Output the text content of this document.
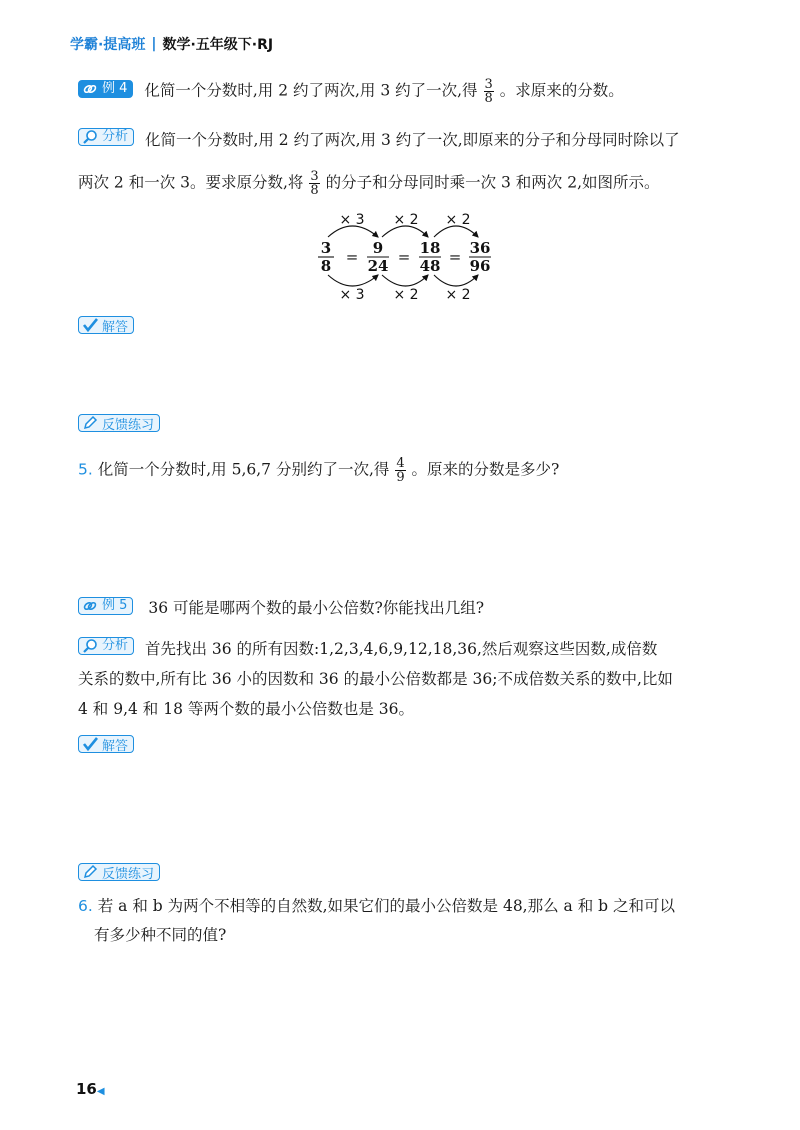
学霸·提高班 | 数学·五年级下·RJ
例 4 化简一个分数时,用 2 约了两次,用 3 约了一次,得 $\frac{3}{8}$ 。求原来的分数。
分析 化简一个分数时,用 2 约了两次,用 3 约了一次,即原来的分子和分母同时除以了
两次 2 和一次 3。要求原分数,将 $\frac{3}{8}$ 的分子和分母同时乘一次 3 和两次 2,如图所示。
× 3 × 2 × 2
× 3 × 2 × 2
3
8
9
24
18
48
36
96
=	=	=
解答
反馈练习
5. 化简一个分数时,用 5,6,7 分别约了一次,得 $\frac{4}{9}$ 。原来的分数是多少?
例 5 36 可能是哪两个数的最小公倍数?你能找出几组?
分析 首先找出 36 的所有因数:1,2,3,4,6,9,12,18,36,然后观察这些因数,成倍数
关系的数中,所有比 36 小的因数和 36 的最小公倍数都是 36;不成倍数关系的数中,比如
4 和 9,4 和 18 等两个数的最小公倍数也是 36。
解答
反馈练习
6. 若 a 和 b 为两个不相等的自然数,如果它们的最小公倍数是 48,那么 a 和 b 之和可以
有多少种不同的值?
16◀
